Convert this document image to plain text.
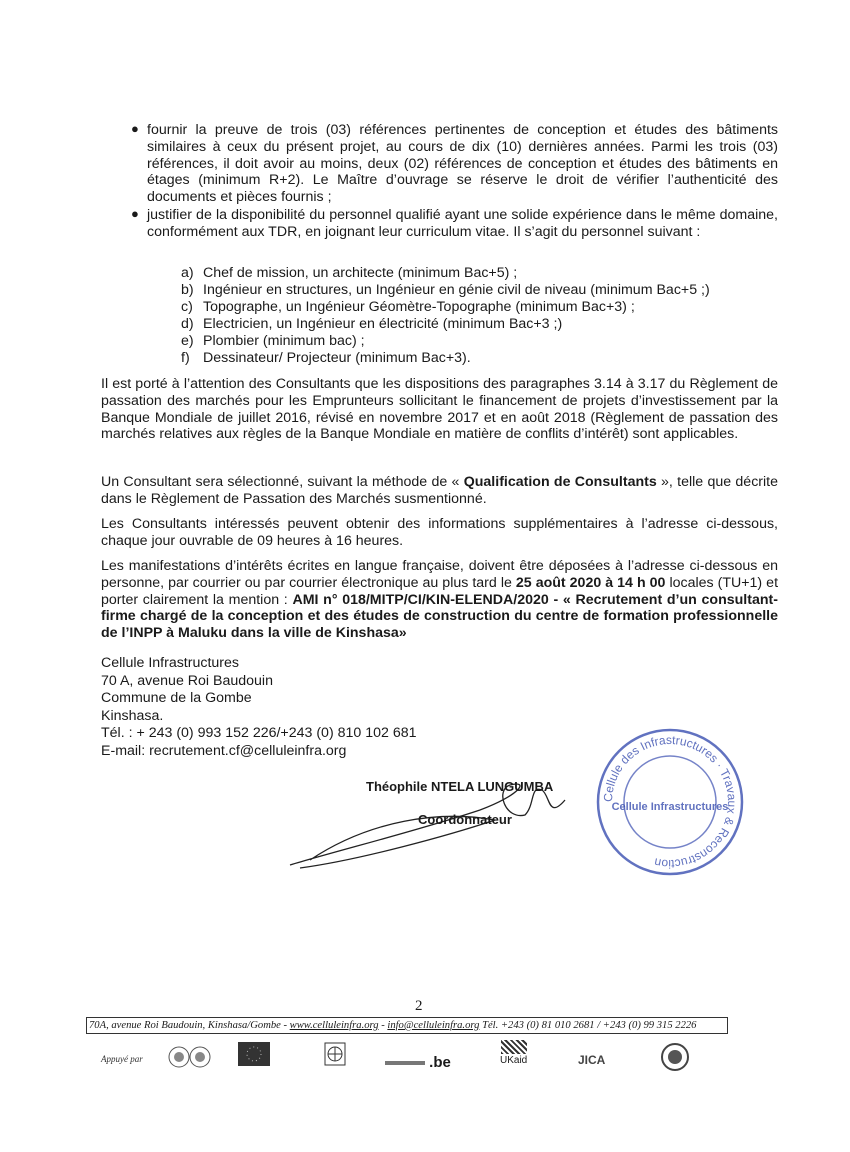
● fournir la preuve de trois (03) références pertinentes de conception et études des bâtiments similaires à ceux du présent projet, au cours de dix (10) dernières années. Parmi les trois (03) références, il doit avoir au moins, deux (02) références de conception et études des bâtiments en étages (minimum R+2). Le Maître d’ouvrage se réserve le droit de vérifier l’authenticité des documents et pièces fournis ;
● justifier de la disponibilité du personnel qualifié ayant une solide expérience dans le même domaine, conformément aux TDR, en joignant leur curriculum vitae. Il s’agit du personnel suivant :
a) Chef de mission, un architecte (minimum Bac+5) ;
b) Ingénieur en structures, un Ingénieur en génie civil de niveau (minimum Bac+5 ;)
c) Topographe, un Ingénieur Géomètre-Topographe (minimum Bac+3) ;
d) Electricien, un Ingénieur en électricité (minimum Bac+3 ;)
e) Plombier (minimum bac) ;
f) Dessinateur/ Projecteur (minimum Bac+3).
Il est porté à l’attention des Consultants que les dispositions des paragraphes 3.14 à 3.17 du Règlement de passation des marchés pour les Emprunteurs sollicitant le financement de projets d’investissement par la Banque Mondiale de juillet 2016, révisé en novembre 2017 et en août 2018 (Règlement de passation des marchés relatives aux règles de la Banque Mondiale en matière de conflits d’intérêt) sont applicables.
Un Consultant sera sélectionné, suivant la méthode de « Qualification de Consultants », telle que décrite dans le Règlement de Passation des Marchés susmentionné.
Les Consultants intéressés peuvent obtenir des informations supplémentaires à l’adresse ci-dessous, chaque jour ouvrable de 09 heures à 16 heures.
Les manifestations d’intérêts écrites en langue française, doivent être déposées à l’adresse ci-dessous en personne, par courrier ou par courrier électronique au plus tard le 25 août 2020 à 14 h 00 locales (TU+1) et porter clairement la mention : AMI n° 018/MITP/CI/KIN-ELENDA/2020 - « Recrutement d’un consultant-firme chargé de la conception et des études de construction du centre de formation professionnelle de l’INPP à Maluku dans la ville de Kinshasa»
Cellule Infrastructures
70 A, avenue Roi Baudouin
Commune de la Gombe
Kinshasa.
Tél. : + 243 (0) 993 152 226/+243 (0) 810 102 681
E-mail: recrutement.cf@celluleinfra.org
Cellule des Infrastructures · Travaux & Reconstruction
Cellule Infrastructures
Théophile NTELA LUNGUMBA
Coordonnateur
2
70A, avenue Roi Baudouin, Kinshasa/Gombe - www.celluleinfra.org - info@celluleinfra.org Tél. +243 (0) 81 010 2681 / +243 (0) 99 315 2226
Appuyé par	.be	UKaid	JICA
